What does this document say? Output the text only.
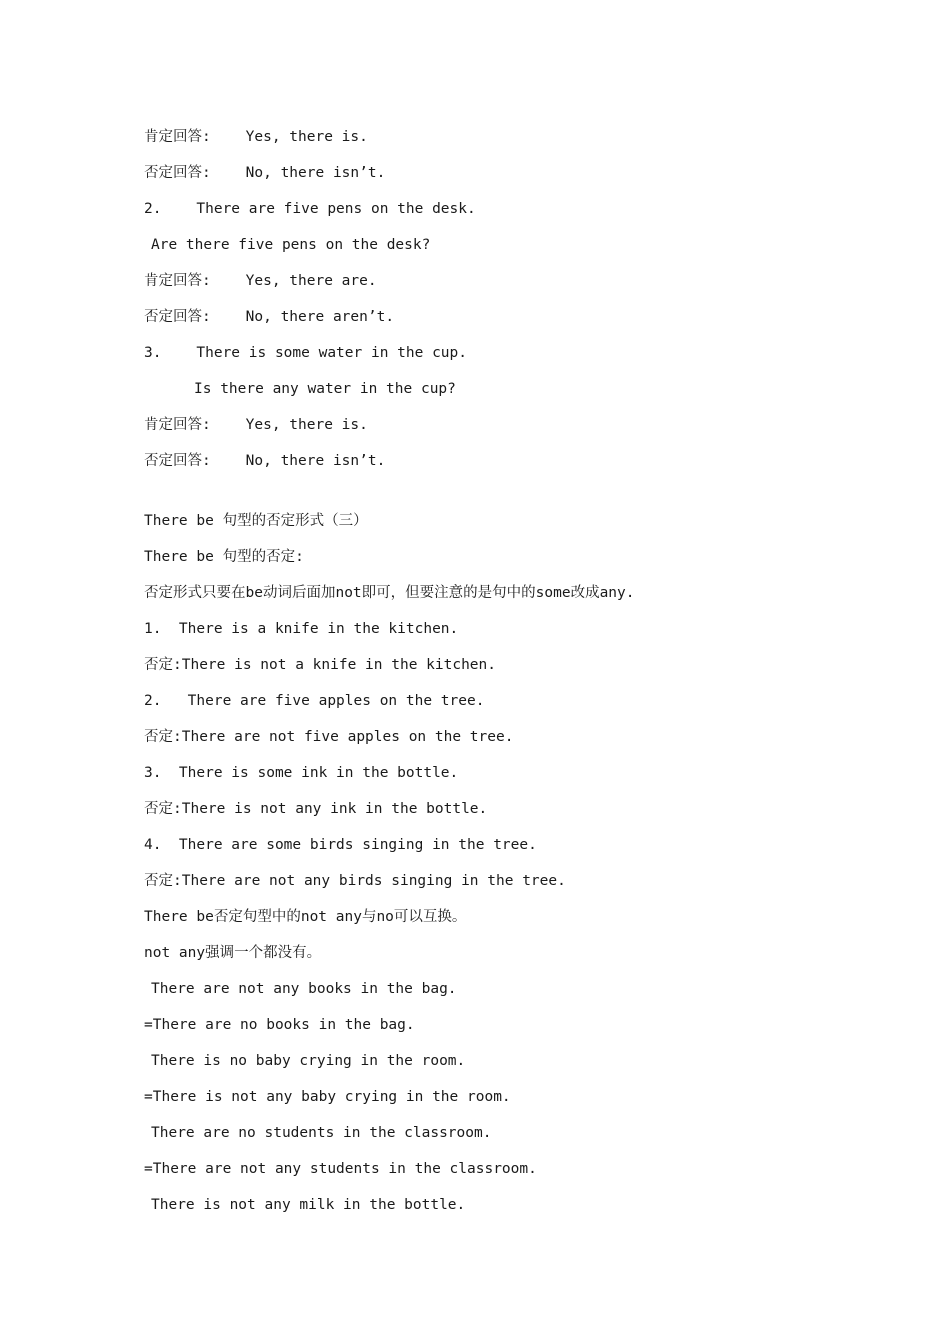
肯定回答:    Yes, there is.
否定回答:    No, there isn’t.
2.    There are five pens on the desk.
Are there five pens on the desk?
肯定回答:    Yes, there are.
否定回答:    No, there aren’t.
3.    There is some water in the cup.
Is there any water in the cup?
肯定回答:    Yes, there is.
否定回答:    No, there isn’t.
There be 句型的否定形式（三）
There be 句型的否定:
否定形式只要在be动词后面加not即可，但要注意的是句中的some改成any.
1.  There is a knife in the kitchen.
否定:There is not a knife in the kitchen.
2.   There are five apples on the tree.
否定:There are not five apples on the tree.
3.  There is some ink in the bottle.
否定:There is not any ink in the bottle.
4.  There are some birds singing in the tree.
否定:There are not any birds singing in the tree.
There be否定句型中的not any与no可以互换。
not any强调一个都没有。
There are not any books in the bag.
=There are no books in the bag.
There is no baby crying in the room.
=There is not any baby crying in the room.
There are no students in the classroom.
=There are not any students in the classroom.
There is not any milk in the bottle.
